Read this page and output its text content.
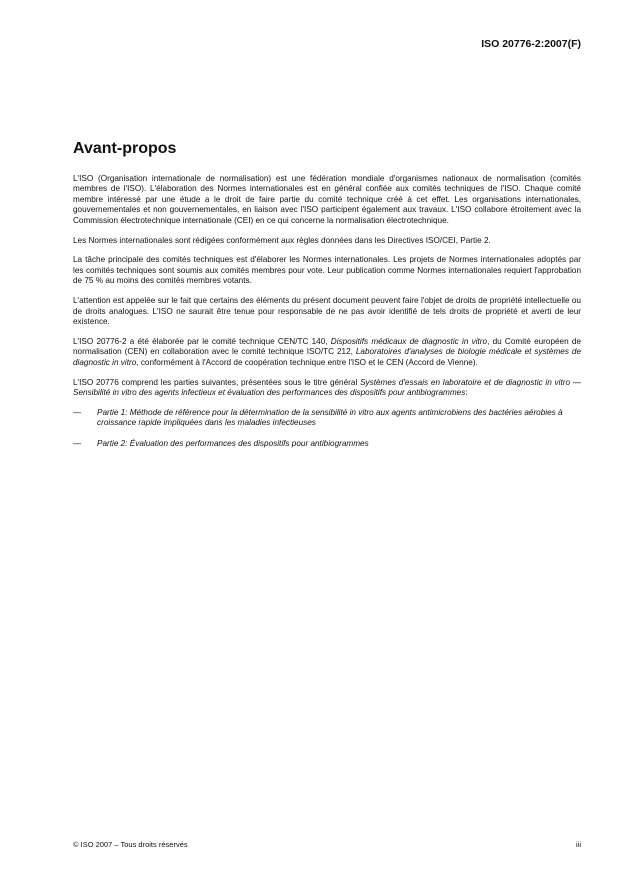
ISO 20776-2:2007(F)
Avant-propos

L'ISO (Organisation internationale de normalisation) est une fédération mondiale d'organismes nationaux de normalisation (comités membres de l'ISO). L'élaboration des Normes internationales est en général confiée aux comités techniques de l'ISO. Chaque comité membre intéressé par une étude a le droit de faire partie du comité technique créé à cet effet. Les organisations internationales, gouvernementales et non gouvernementales, en liaison avec l'ISO participent également aux travaux. L'ISO collabore étroitement avec la Commission électrotechnique internationale (CEI) en ce qui concerne la normalisation électrotechnique.

Les Normes internationales sont rédigées conformément aux règles données dans les Directives ISO/CEI, Partie 2.

La tâche principale des comités techniques est d'élaborer les Normes internationales. Les projets de Normes internationales adoptés par les comités techniques sont soumis aux comités membres pour vote. Leur publication comme Normes internationales requiert l'approbation de 75 % au moins des comités membres votants.

L'attention est appelée sur le fait que certains des éléments du présent document peuvent faire l'objet de droits de propriété intellectuelle ou de droits analogues. L'ISO ne saurait être tenue pour responsable de ne pas avoir identifié de tels droits de propriété et averti de leur existence.

L'ISO 20776-2 a été élaborée par le comité technique CEN/TC 140, Dispositifs médicaux de diagnostic in vitro, du Comité européen de normalisation (CEN) en collaboration avec le comité technique ISO/TC 212, Laboratoires d'analyses de biologie médicale et systèmes de diagnostic in vitro, conformément à l'Accord de coopération technique entre l'ISO et le CEN (Accord de Vienne).

L'ISO 20776 comprend les parties suivantes, présentées sous le titre général Systèmes d'essais en laboratoire et de diagnostic in vitro — Sensibilité in vitro des agents infectieux et évaluation des performances des dispositifs pour antibiogrammes:

—	Partie 1: Méthode de référence pour la détermination de la sensibilité in vitro aux agents antimicrobiens des bactéries aérobies à croissance rapide impliquées dans les maladies infectieuses
—	Partie 2: Évaluation des performances des dispositifs pour antibiogrammes
© ISO 2007 – Tous droits réservés	iii
